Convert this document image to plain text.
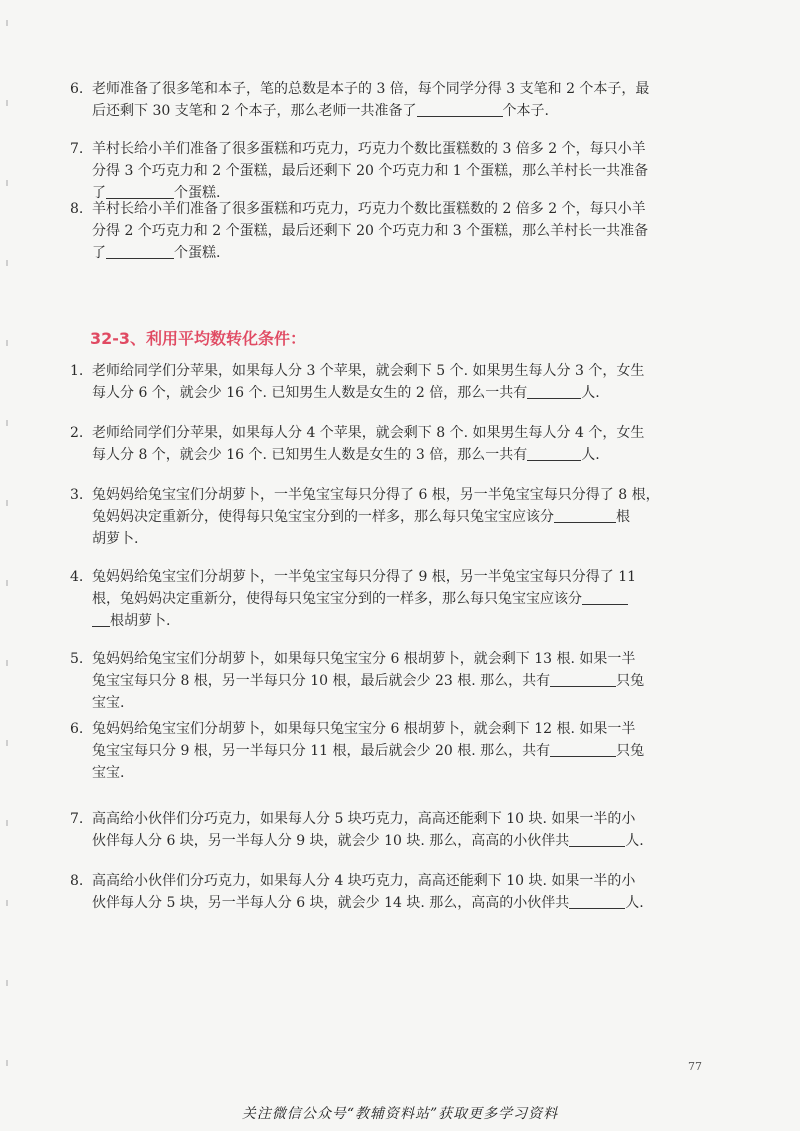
6. 老师准备了很多笔和本子，笔的总数是本子的 3 倍，每个同学分得 3 支笔和 2 个本子，最
后还剩下 30 支笔和 2 个本子，那么老师一共准备了	个本子.
7. 羊村长给小羊们准备了很多蛋糕和巧克力，巧克力个数比蛋糕数的 3 倍多 2 个，每只小羊
分得 3 个巧克力和 2 个蛋糕，最后还剩下 20 个巧克力和 1 个蛋糕，那么羊村长一共准备
了	个蛋糕.
8. 羊村长给小羊们准备了很多蛋糕和巧克力，巧克力个数比蛋糕数的 2 倍多 2 个，每只小羊
分得 2 个巧克力和 2 个蛋糕，最后还剩下 20 个巧克力和 3 个蛋糕，那么羊村长一共准备
了	个蛋糕.
32-3、利用平均数转化条件：
1. 老师给同学们分苹果，如果每人分 3 个苹果，就会剩下 5 个. 如果男生每人分 3 个，女生
每人分 6 个，就会少 16 个. 已知男生人数是女生的 2 倍，那么一共有	人.
2. 老师给同学们分苹果，如果每人分 4 个苹果，就会剩下 8 个. 如果男生每人分 4 个，女生
每人分 8 个，就会少 16 个. 已知男生人数是女生的 3 倍，那么一共有	人.
3. 兔妈妈给兔宝宝们分胡萝卜，一半兔宝宝每只分得了 6 根，另一半兔宝宝每只分得了 8 根，
兔妈妈决定重新分，使得每只兔宝宝分到的一样多，那么每只兔宝宝应该分	根
胡萝卜.
4. 兔妈妈给兔宝宝们分胡萝卜，一半兔宝宝每只分得了 9 根，另一半兔宝宝每只分得了 11
根，兔妈妈决定重新分，使得每只兔宝宝分到的一样多，那么每只兔宝宝应该分
根胡萝卜.
5. 兔妈妈给兔宝宝们分胡萝卜，如果每只兔宝宝分 6 根胡萝卜，就会剩下 13 根. 如果一半
兔宝宝每只分 8 根，另一半每只分 10 根，最后就会少 23 根. 那么，共有	只兔
宝宝.
6. 兔妈妈给兔宝宝们分胡萝卜，如果每只兔宝宝分 6 根胡萝卜，就会剩下 12 根. 如果一半
兔宝宝每只分 9 根，另一半每只分 11 根，最后就会少 20 根. 那么，共有	只兔
宝宝.
7. 高高给小伙伴们分巧克力，如果每人分 5 块巧克力，高高还能剩下 10 块. 如果一半的小
伙伴每人分 6 块，另一半每人分 9 块，就会少 10 块. 那么，高高的小伙伴共	人.
8. 高高给小伙伴们分巧克力，如果每人分 4 块巧克力，高高还能剩下 10 块. 如果一半的小
伙伴每人分 5 块，另一半每人分 6 块，就会少 14 块. 那么，高高的小伙伴共	人.
77
关注微信公众号“教辅资料站”获取更多学习资料
